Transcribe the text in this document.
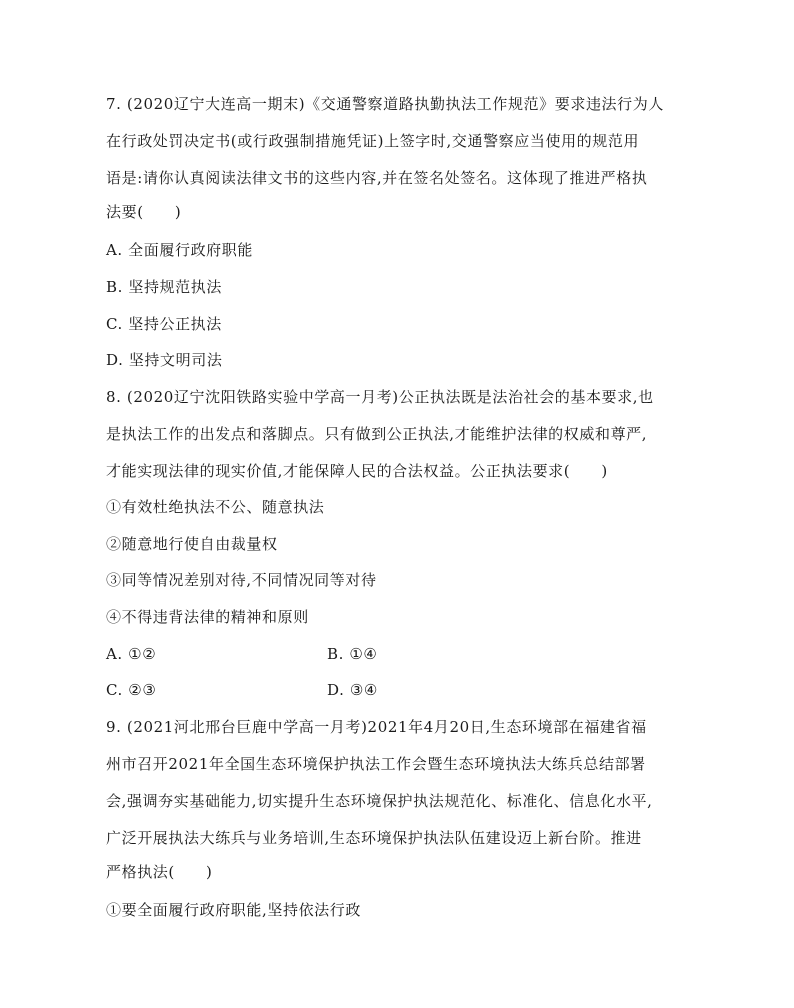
7. (2020辽宁大连高一期末)《交通警察道路执勤执法工作规范》要求违法行为人
在行政处罚决定书(或行政强制措施凭证)上签字时,交通警察应当使用的规范用
语是:请你认真阅读法律文书的这些内容,并在签名处签名。这体现了推进严格执
法要(　　)
A. 全面履行政府职能
B. 坚持规范执法
C. 坚持公正执法
D. 坚持文明司法
8. (2020辽宁沈阳铁路实验中学高一月考)公正执法既是法治社会的基本要求,也
是执法工作的出发点和落脚点。只有做到公正执法,才能维护法律的权威和尊严,
才能实现法律的现实价值,才能保障人民的合法权益。公正执法要求(　　)
①有效杜绝执法不公、随意执法
②随意地行使自由裁量权
③同等情况差别对待,不同情况同等对待
④不得违背法律的精神和原则
A. ①②	B. ①④
C. ②③	D. ③④
9. (2021河北邢台巨鹿中学高一月考)2021年4月20日,生态环境部在福建省福
州市召开2021年全国生态环境保护执法工作会暨生态环境执法大练兵总结部署
会,强调夯实基础能力,切实提升生态环境保护执法规范化、标准化、信息化水平,
广泛开展执法大练兵与业务培训,生态环境保护执法队伍建设迈上新台阶。推进
严格执法(　　)
①要全面履行政府职能,坚持依法行政
